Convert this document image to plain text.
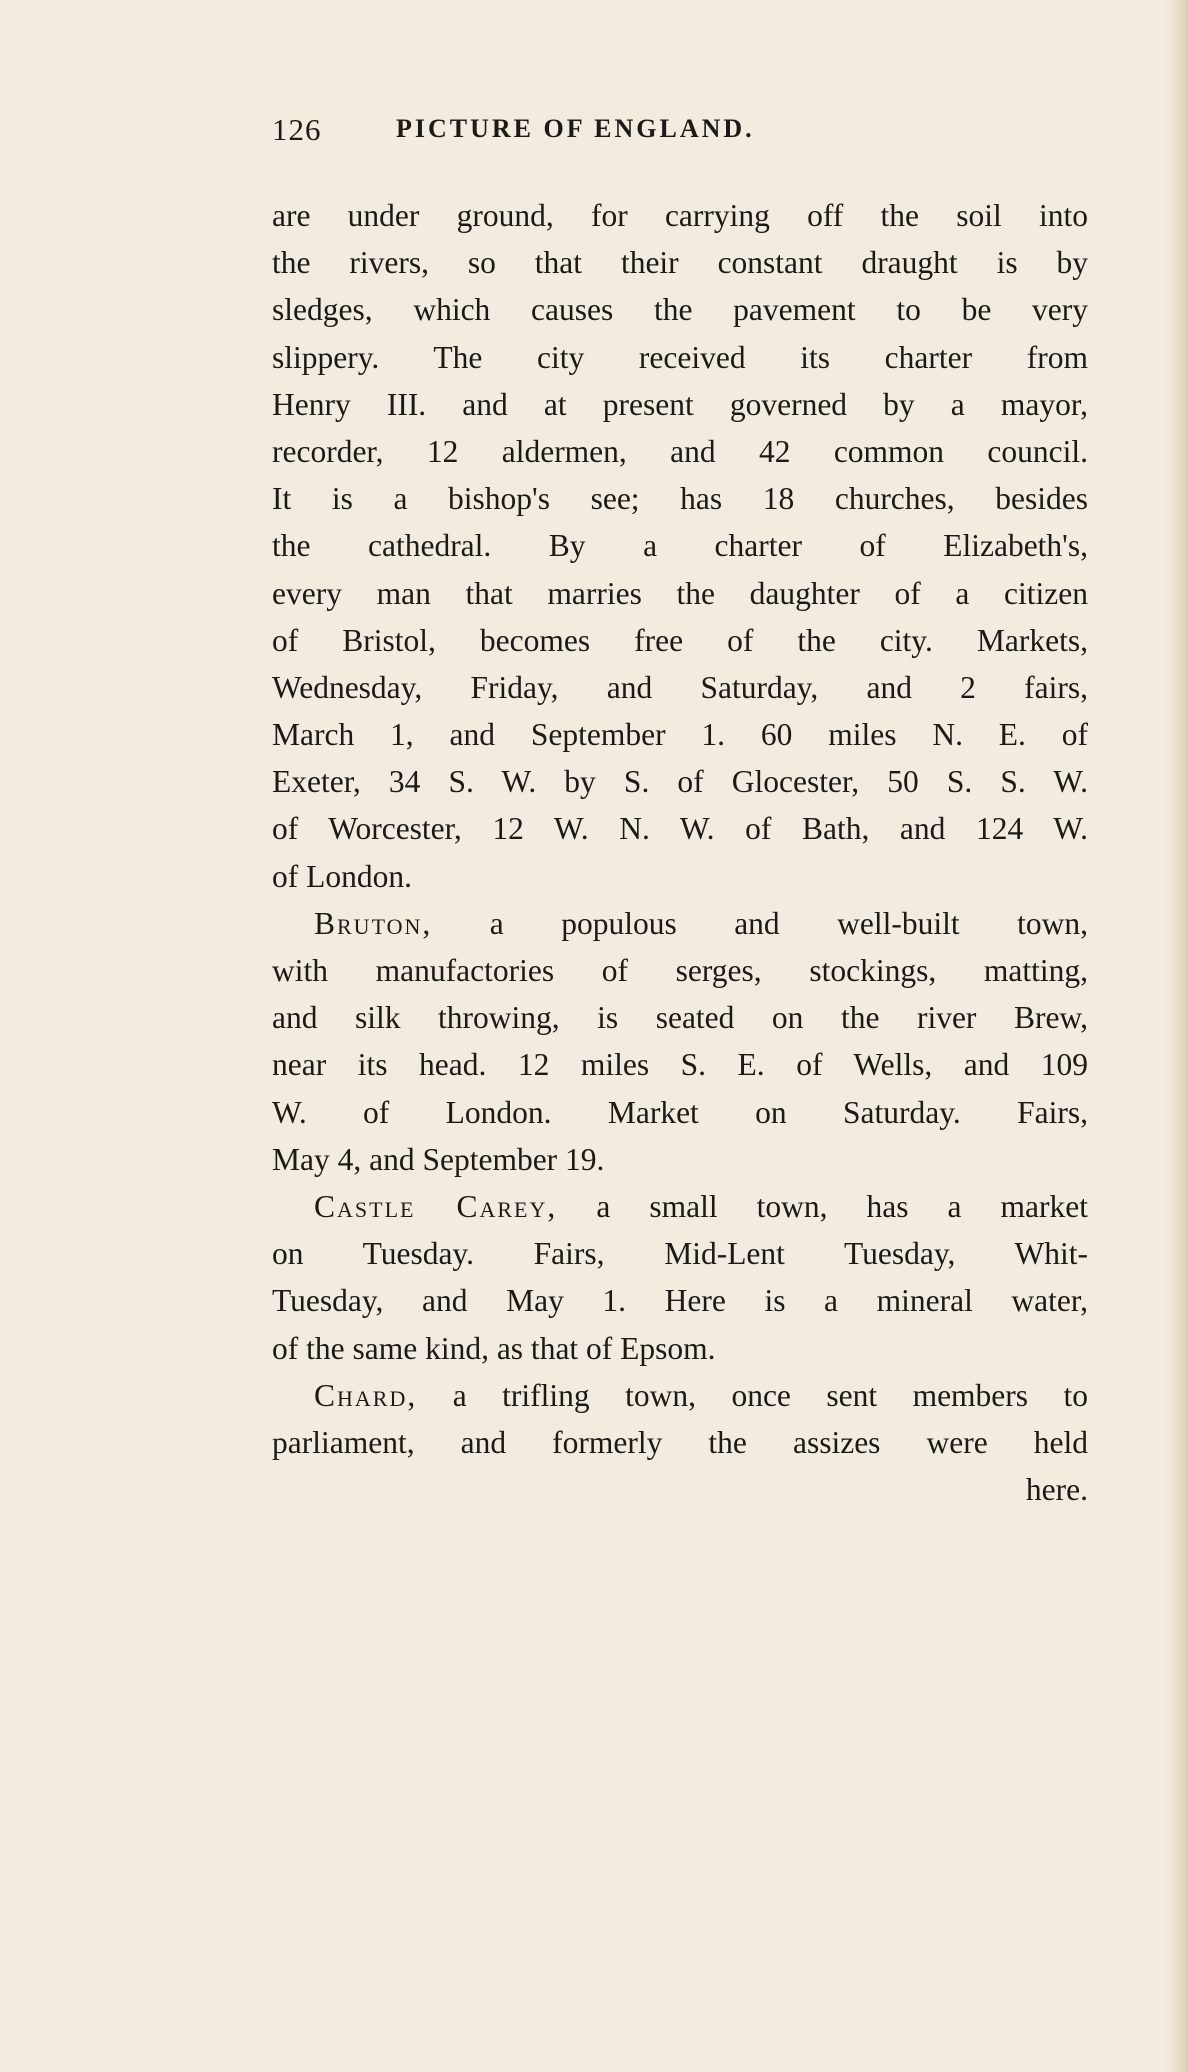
126	PICTURE OF ENGLAND.
are under ground, for carrying off the soil into
the rivers, so that their constant draught is by
sledges, which causes the pavement to be very
slippery. The city received its charter from
Henry III. and at present governed by a mayor,
recorder, 12 aldermen, and 42 common council.
It is a bishop's see; has 18 churches, besides
the cathedral. By a charter of Elizabeth's,
every man that marries the daughter of a citizen
of Bristol, becomes free of the city. Markets,
Wednesday, Friday, and Saturday, and 2 fairs,
March 1, and September 1. 60 miles N. E. of
Exeter, 34 S. W. by S. of Glocester, 50 S. S. W.
of Worcester, 12 W. N. W. of Bath, and 124 W.
of London.
Bruton, a populous and well-built town,
with manufactories of serges, stockings, matting,
and silk throwing, is seated on the river Brew,
near its head. 12 miles S. E. of Wells, and 109
W. of London. Market on Saturday. Fairs,
May 4, and September 19.
Castle Carey, a small town, has a market
on Tuesday. Fairs, Mid-Lent Tuesday, Whit-
Tuesday, and May 1. Here is a mineral water,
of the same kind, as that of Epsom.
Chard, a trifling town, once sent members to
parliament, and formerly the assizes were held
here.
